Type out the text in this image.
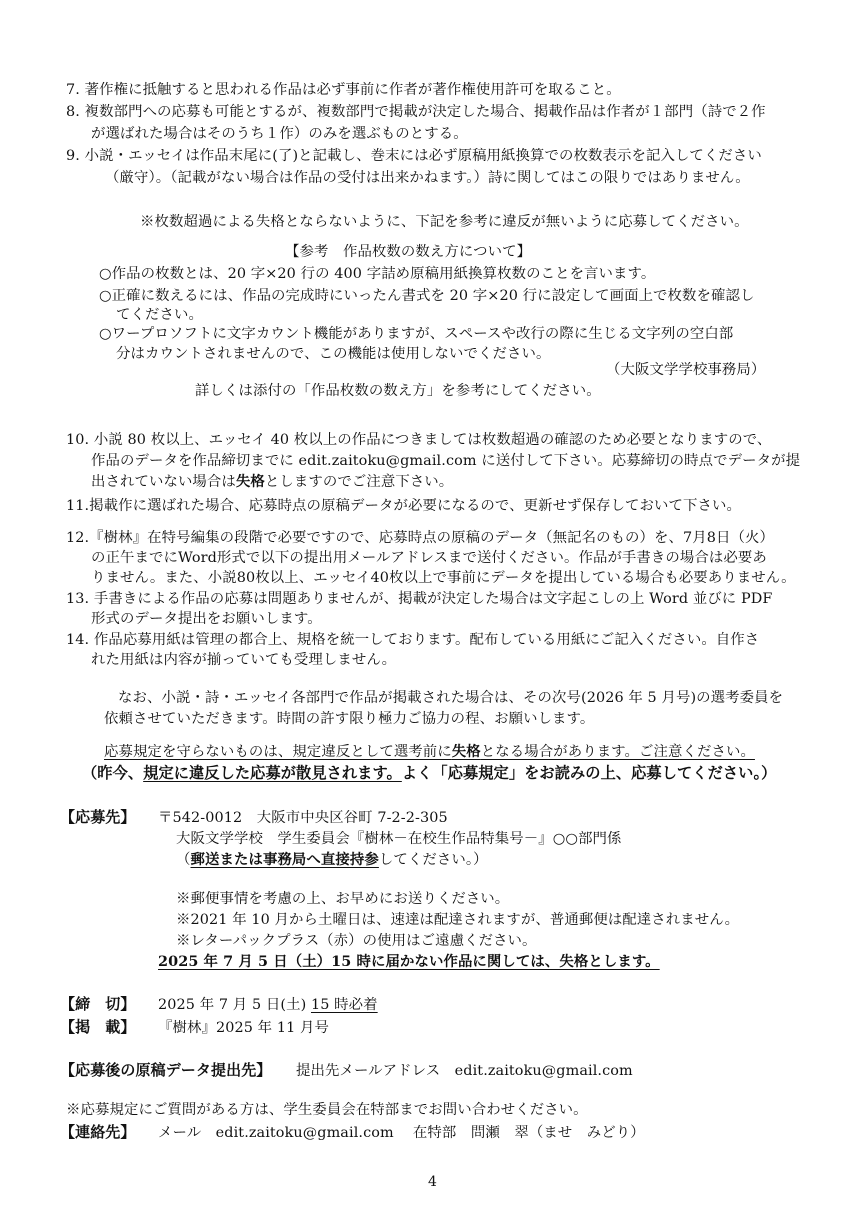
7. 著作権に抵触すると思われる作品は必ず事前に作者が著作権使用許可を取ること。
8. 複数部門への応募も可能とするが、複数部門で掲載が決定した場合、掲載作品は作者が１部門（詩で２作
が選ばれた場合はそのうち１作）のみを選ぶものとする。
9. 小説・エッセイは作品末尾に(了)と記載し、巻末には必ず原稿用紙換算での枚数表示を記入してください
（厳守）。（記載がない場合は作品の受付は出来かねます。）詩に関してはこの限りではありません。
※枚数超過による失格とならないように、下記を参考に違反が無いように応募してください。
【参考　作品枚数の数え方について】
○作品の枚数とは、20 字×20 行の 400 字詰め原稿用紙換算枚数のことを言います。
○正確に数えるには、作品の完成時にいったん書式を 20 字×20 行に設定して画面上で枚数を確認し
てください。
○ワープロソフトに文字カウント機能がありますが、スペースや改行の際に生じる文字列の空白部
分はカウントされませんので、この機能は使用しないでください。
（大阪文学学校事務局）
詳しくは添付の「作品枚数の数え方」を参考にしてください。
10. 小説 80 枚以上、エッセイ 40 枚以上の作品につきましては枚数超過の確認のため必要となりますので、
作品のデータを作品締切までに edit.zaitoku@gmail.com に送付して下さい。応募締切の時点でデータが提
出されていない場合は失格としますのでご注意下さい。
11.掲載作に選ばれた場合、応募時点の原稿データが必要になるので、更新せず保存しておいて下さい。
12.『樹林』在特号編集の段階で必要ですので、応募時点の原稿のデータ（無記名のもの）を、7月8日（火）
の正午までにWord形式で以下の提出用メールアドレスまで送付ください。作品が手書きの場合は必要あ
りません。また、小説80枚以上、エッセイ40枚以上で事前にデータを提出している場合も必要ありません。
13. 手書きによる作品の応募は問題ありませんが、掲載が決定した場合は文字起こしの上 Word 並びに PDF
形式のデータ提出をお願いします。
14. 作品応募用紙は管理の都合上、規格を統一しております。配布している用紙にご記入ください。自作さ
れた用紙は内容が揃っていても受理しません。
なお、小説・詩・エッセイ各部門で作品が掲載された場合は、その次号(2026 年 5 月号)の選考委員を
依頼させていただきます。時間の許す限り極力ご協力の程、お願いします。
応募規定を守らないものは、規定違反として選考前に失格となる場合があります。ご注意ください。
（昨今、規定に違反した応募が散見されます。よく「応募規定」をお読みの上、応募してください。）
【応募先】 〒542-0012　大阪市中央区谷町 7-2-2-305
大阪文学学校　学生委員会『樹林－在校生作品特集号－』○○部門係
（郵送または事務局へ直接持参してください。）
※郵便事情を考慮の上、お早めにお送りください。
※2021 年 10 月から土曜日は、速達は配達されますが、普通郵便は配達されません。
※レターパックプラス（赤）の使用はご遠慮ください。
2025 年 7 月 5 日（土）15 時に届かない作品に関しては、失格とします。
【締　切】 2025 年 7 月 5 日(土) 15 時必着
【掲　載】 『樹林』2025 年 11 月号
【応募後の原稿データ提出先】 提出先メールアドレス　edit.zaitoku@gmail.com
※応募規定にご質問がある方は、学生委員会在特部までお問い合わせください。
【連絡先】 メール　edit.zaitoku@gmail.com　 在特部　問瀬　翠（ませ　みどり）
4
